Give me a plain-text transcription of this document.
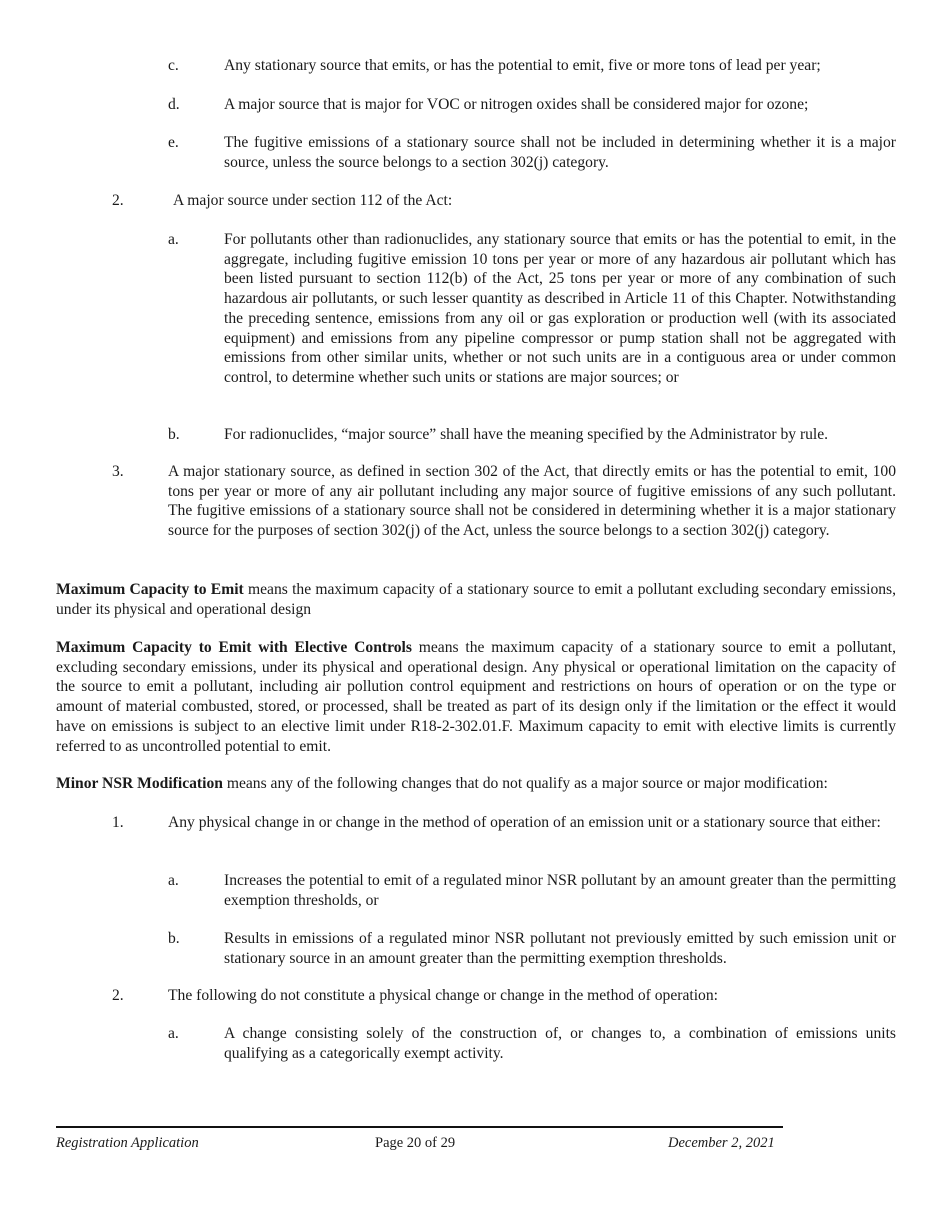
c.	Any stationary source that emits, or has the potential to emit, five or more tons of lead per year;
d.	A major source that is major for VOC or nitrogen oxides shall be considered major for ozone;
e.	The fugitive emissions of a stationary source shall not be included in determining whether it is a major source, unless the source belongs to a section 302(j) category.
2.	A major source under section 112 of the Act:
a.	For pollutants other than radionuclides, any stationary source that emits or has the potential to emit, in the aggregate, including fugitive emission 10 tons per year or more of any hazardous air pollutant which has been listed pursuant to section 112(b) of the Act, 25 tons per year or more of any combination of such hazardous air pollutants, or such lesser quantity as described in Article 11 of this Chapter. Notwithstanding the preceding sentence, emissions from any oil or gas exploration or production well (with its associated equipment) and emissions from any pipeline compressor or pump station shall not be aggregated with emissions from other similar units, whether or not such units are in a contiguous area or under common control, to determine whether such units or stations are major sources; or
b.	For radionuclides, “major source” shall have the meaning specified by the Administrator by rule.
3.	A major stationary source, as defined in section 302 of the Act, that directly emits or has the potential to emit, 100 tons per year or more of any air pollutant including any major source of fugitive emissions of any such pollutant. The fugitive emissions of a stationary source shall not be considered in determining whether it is a major stationary source for the purposes of section 302(j) of the Act, unless the source belongs to a section 302(j) category.
Maximum Capacity to Emit means the maximum capacity of a stationary source to emit a pollutant excluding secondary emissions, under its physical and operational design
Maximum Capacity to Emit with Elective Controls means the maximum capacity of a stationary source to emit a pollutant, excluding secondary emissions, under its physical and operational design. Any physical or operational limitation on the capacity of the source to emit a pollutant, including air pollution control equipment and restrictions on hours of operation or on the type or amount of material combusted, stored, or processed, shall be treated as part of its design only if the limitation or the effect it would have on emissions is subject to an elective limit under R18-2-302.01.F. Maximum capacity to emit with elective limits is currently referred to as uncontrolled potential to emit.
Minor NSR Modification means any of the following changes that do not qualify as a major source or major modification:
1.	Any physical change in or change in the method of operation of an emission unit or a stationary source that either:
a.	Increases the potential to emit of a regulated minor NSR pollutant by an amount greater than the permitting exemption thresholds, or
b.	Results in emissions of a regulated minor NSR pollutant not previously emitted by such emission unit or stationary source in an amount greater than the permitting exemption thresholds.
2.	The following do not constitute a physical change or change in the method of operation:
a.	A change consisting solely of the construction of, or changes to, a combination of emissions units qualifying as a categorically exempt activity.
Registration Application	Page 20 of 29	December 2, 2021
